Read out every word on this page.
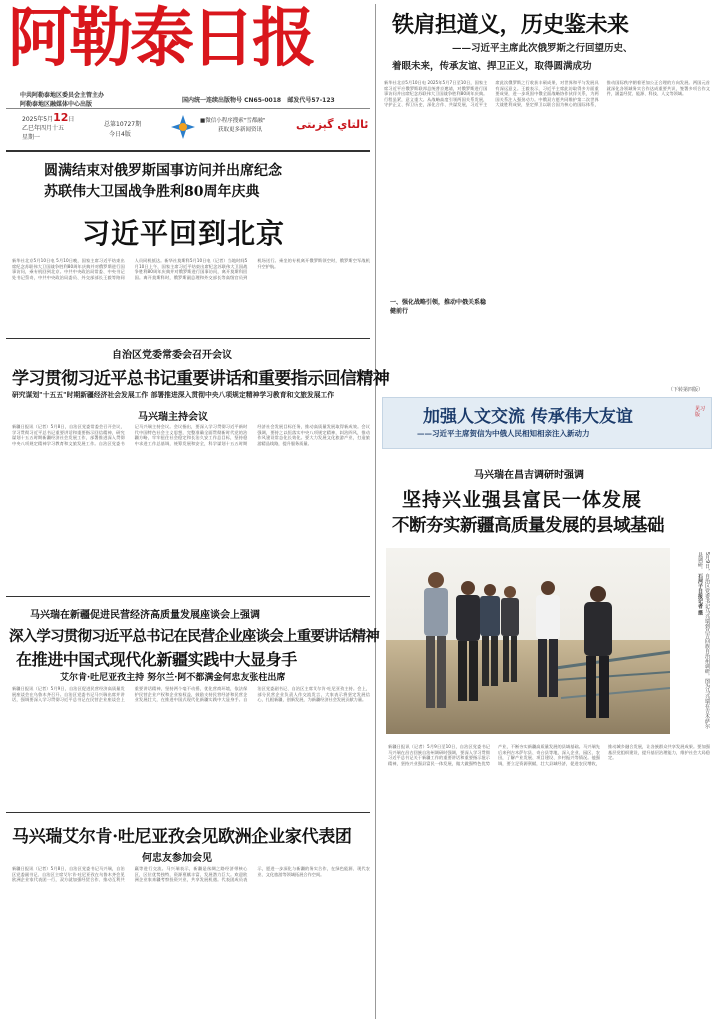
阿勒泰日报
中共阿勒泰地区委员会主管主办
阿勒泰地区融媒体中心出版
国内统一连续出版物号 CN65-0018 邮发代号57-123
2025年5月12日
乙巳年四月十五
星期一
总第10727期
今日4版
■微信小程序搜索"雪都融"
获取更多新闻资讯	ئالتاي گېزىتى
圆满结束对俄罗斯国事访问并出席纪念
苏联伟大卫国战争胜利80周年庆典
习近平回到北京
新华社北京5月10日电 5月10日晚，国家主席习近平结束出席纪念苏联伟大卫国战争胜利80周年庆典并对俄罗斯进行国事访问，乘专机回到北京。中共中央政治局常委、中央书记处书记蔡奇，中共中央政治局委员、外交部部长王毅等陪同人员同机抵达。新华社莫斯科5月10日电（记者）当地时间5月10日上午，国家主席习近平结束出席纪念苏联伟大卫国战争胜利80周年庆典并对俄罗斯进行国事访问，离开莫斯科回国。离开莫斯科时，俄罗斯副总理和外交部长等高级官员到机场送行。乘坐的专机离开俄罗斯领空时，俄罗斯空军战机升空护航。
自治区党委常委会召开会议
学习贯彻习近平总书记重要讲话和重要指示回信精神
研究谋划"十五五"时期新疆经济社会发展工作 部署推进深入贯彻中央八项规定精神学习教育和文旅发展工作
马兴瑞主持会议
新疆日报讯（记者）5月8日，自治区党委常委会召开会议，学习贯彻习近平总书记重要讲话和重要指示回信精神，研究谋划十五五时期新疆经济社会发展工作，部署推进深入贯彻中央八项规定精神学习教育和文旅发展工作。自治区党委书记马兴瑞主持会议。会议指出，要深入学习贯彻习近平新时代中国特色社会主义思想，完整准确全面贯彻新时代党的治疆方略，牢牢扭住社会稳定和长治久安工作总目标，坚持稳中求进工作总基调，统筹发展和安全，科学谋划十五五时期经济社会发展目标任务，推动高质量发展取得新成效。会议强调，要持之以恒落实中央八项规定精神，纠治四风，推动作风建设常态化长效化。要大力发展文化旅游产业，打造旅游精品线路，提升服务质量。
马兴瑞在新疆促进民营经济高质量发展座谈会上强调
深入学习贯彻习近平总书记在民营企业座谈会上重要讲话精神
在推进中国式现代化新疆实践中大显身手
艾尔肯·吐尼亚孜主持 努尔兰·阿不都满金何忠友张柱出席
新疆日报讯（记者）5月9日，自治区促进民营经济高质量发展座谈会在乌鲁木齐召开。自治区党委书记马兴瑞出席并讲话，强调要深入学习贯彻习近平总书记在民营企业座谈会上重要讲话精神，坚持两个毫不动摇，优化营商环境，依法保护民营企业产权和企业家权益，鼓励支持民营经济和民营企业发展壮大，在推进中国式现代化新疆实践中大显身手。自治区党委副书记、自治区主席艾尔肯·吐尼亚孜主持。会上，部分民营企业负责人作交流发言，大家表示将坚定发展信心，扎根新疆，创新发展，为新疆经济社会发展贡献力量。
马兴瑞艾尔肯·吐尼亚孜会见欧洲企业家代表团
何忠友参加会见
新疆日报讯（记者）5月8日，自治区党委书记马兴瑞，自治区党委副书记、自治区主席艾尔肯·吐尼亚孜在乌鲁木齐会见欧洲企业家代表团一行，双方就加强经贸合作、推动互利共赢等进行交流。马兴瑞表示，新疆是丝绸之路经济带核心区，区位优势独特，资源禀赋丰富，发展潜力巨大。欢迎欧洲企业家来疆考察投资兴业，共享发展机遇。代表团成员表示，愿进一步深化与新疆的务实合作，在绿色能源、现代农业、文化旅游等领域拓展合作空间。
铁肩担道义，历史鉴未来
——习近平主席此次俄罗斯之行回望历史、
着眼未来，传承友谊、捍卫正义，取得圆满成功
新华社北京5月10日电 2025年5月7日至10日，国家主席习近平应俄罗斯联邦总统普京邀请，对俄罗斯进行国事访问并出席纪念苏联伟大卫国战争胜利80周年庆典。行程虽紧，意义重大。从战略高度引领两国关系发展，守护正义、捍卫历史，深化合作、共谋发展，习近平主席此次俄罗斯之行收获丰硕成果，对世界和平与发展具有深远意义。王毅表示，习近平主席此访取得多方面重要成果，进一步巩固中俄全面战略协作伙伴关系，为两国关系注入强劲动力。中俄双方愿共同维护第二次世界大战胜利成果，坚定捍卫以联合国为核心的国际体系，推动国际秩序朝着更加公正合理的方向发展。两国元首就深化各领域务实合作达成重要共识，签署多项合作文件，涵盖经贸、能源、科技、人文等领域。
一、强化战略引领，推动中俄关系稳健前行
（下转第四版）
加强人文交流 传承伟大友谊
——习近平主席贺信为中俄人民相知相亲注入新动力
见习版
马兴瑞在昌吉调研时强调
坚持兴业强县富民一体发展
不断夯实新疆高质量发展的县域基础
5月9日，自治区党委书记马兴瑞到昌吉回族自治州调研。图为马兴瑞在吉木萨尔县调研。 石河子日报记者 摄
新疆日报讯（记者）5月9日至10日，自治区党委书记马兴瑞在昌吉回族自治州调研时强调，要深入学习贯彻习近平总书记关于新疆工作的重要讲话和重要指示批示精神，坚持兴业强县富民一体发展，做大做强特色优势产业，不断夯实新疆高质量发展的县域基础。马兴瑞先后来到吉木萨尔县、奇台县等地，深入企业、园区、农田，了解产业发展、项目建设、乡村振兴等情况。他强调，要立足资源禀赋，壮大县域经济，促进农民增收，推动城乡融合发展，让各族群众共享发展成果。要加强基层党组织建设，提升基层治理能力，维护社会大局稳定。
